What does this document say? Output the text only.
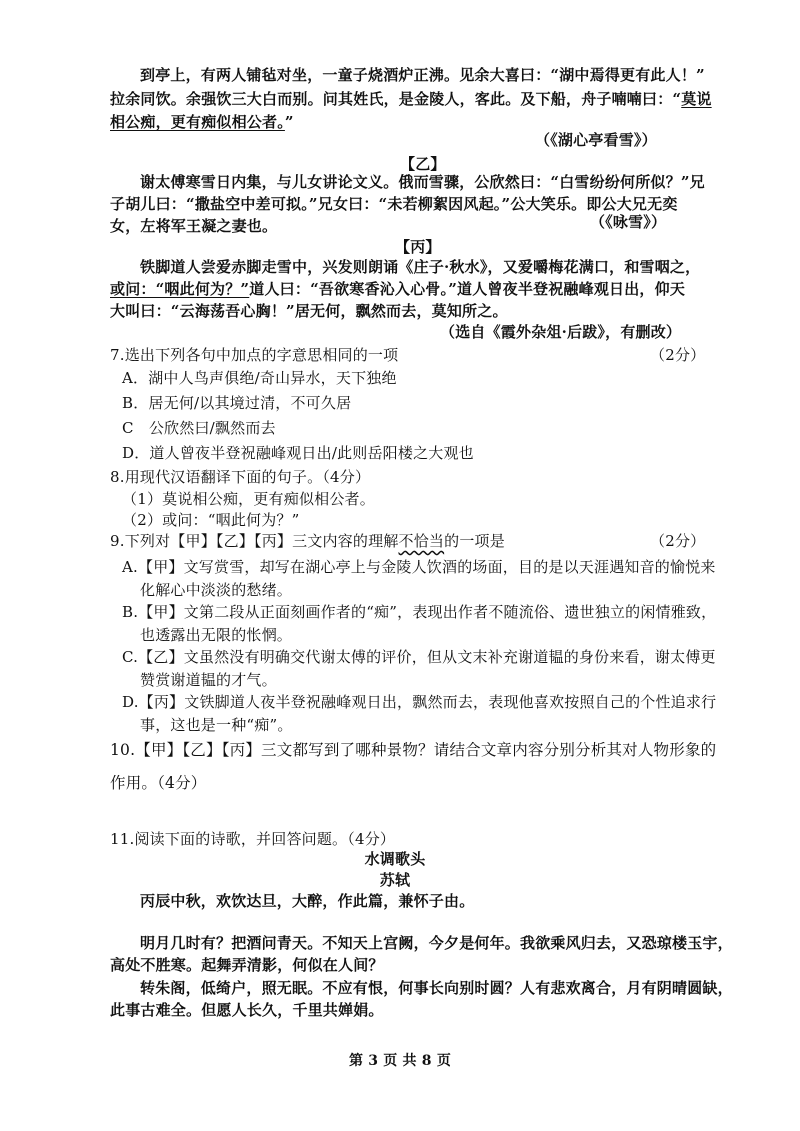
到亭上，有两人铺毡对坐，一童子烧酒炉正沸。见余大喜曰：“湖中焉得更有此人！”
拉余同饮。余强饮三大白而别。问其姓氏，是金陵人，客此。及下船，舟子喃喃曰：“莫说
相公痴，更有痴似相公者。”
（《湖心亭看雪》）
【乙】
谢太傅寒雪日内集，与儿女讲论文义。俄而雪骤，公欣然曰：“白雪纷纷何所似？”兄
子胡儿曰：“撒盐空中差可拟。”兄女曰：“未若柳絮因风起。”公大笑乐。即公大兄无奕
女，左将军王凝之妻也。	（《咏雪》）
【丙】
铁脚道人尝爱赤脚走雪中，兴发则朗诵《庄子·秋水》，又爱嚼梅花满口，和雪咽之，
或问：“咽此何为？”道人曰：“吾欲寒香沁入心骨。”道人曾夜半登祝融峰观日出，仰天
大叫曰：“云海荡吾心胸！”居无何，飘然而去，莫知所之。
（选自《霞外杂俎·后跋》，有删改）
7.选出下列各句中加点的字意思相同的一项	（2分）
A．湖中人鸟声俱绝/奇山异水，天下独绝
B．居无何/以其境过清，不可久居
C　公欣然曰/飘然而去
D．道人曾夜半登祝融峰观日出/此则岳阳楼之大观也
8.用现代汉语翻译下面的句子。（4分）
（1）莫说相公痴，更有痴似相公者。
（2）或问：“咽此何为？”
9.下列对【甲】【乙】【丙】三文内容的理解不恰当的一项是	（2分）
A.【甲】文写赏雪，却写在湖心亭上与金陵人饮酒的场面，目的是以天涯遇知音的愉悦来
化解心中淡淡的愁绪。
B.【甲】文第二段从正面刻画作者的“痴”，表现出作者不随流俗、遗世独立的闲情雅致，
也透露出无限的怅惘。
C.【乙】文虽然没有明确交代谢太傅的评价，但从文末补充谢道韫的身份来看，谢太傅更
赞赏谢道韫的才气。
D.【丙】文铁脚道人夜半登祝融峰观日出，飘然而去，表现他喜欢按照自己的个性追求行
事，这也是一种“痴”。
10.【甲】【乙】【丙】三文都写到了哪种景物？请结合文章内容分别分析其对人物形象的
作用。（4分）
11.阅读下面的诗歌，并回答问题。（4分）
水调歌头
苏轼
丙辰中秋，欢饮达旦，大醉，作此篇，兼怀子由。
明月几时有？把酒问青天。不知天上宫阙，今夕是何年。我欲乘风归去，又恐琼楼玉宇，
高处不胜寒。起舞弄清影，何似在人间？
转朱阁，低绮户，照无眠。不应有恨，何事长向别时圆？人有悲欢离合，月有阴晴圆缺，
此事古难全。但愿人长久，千里共婵娟。
第 3 页 共 8 页
